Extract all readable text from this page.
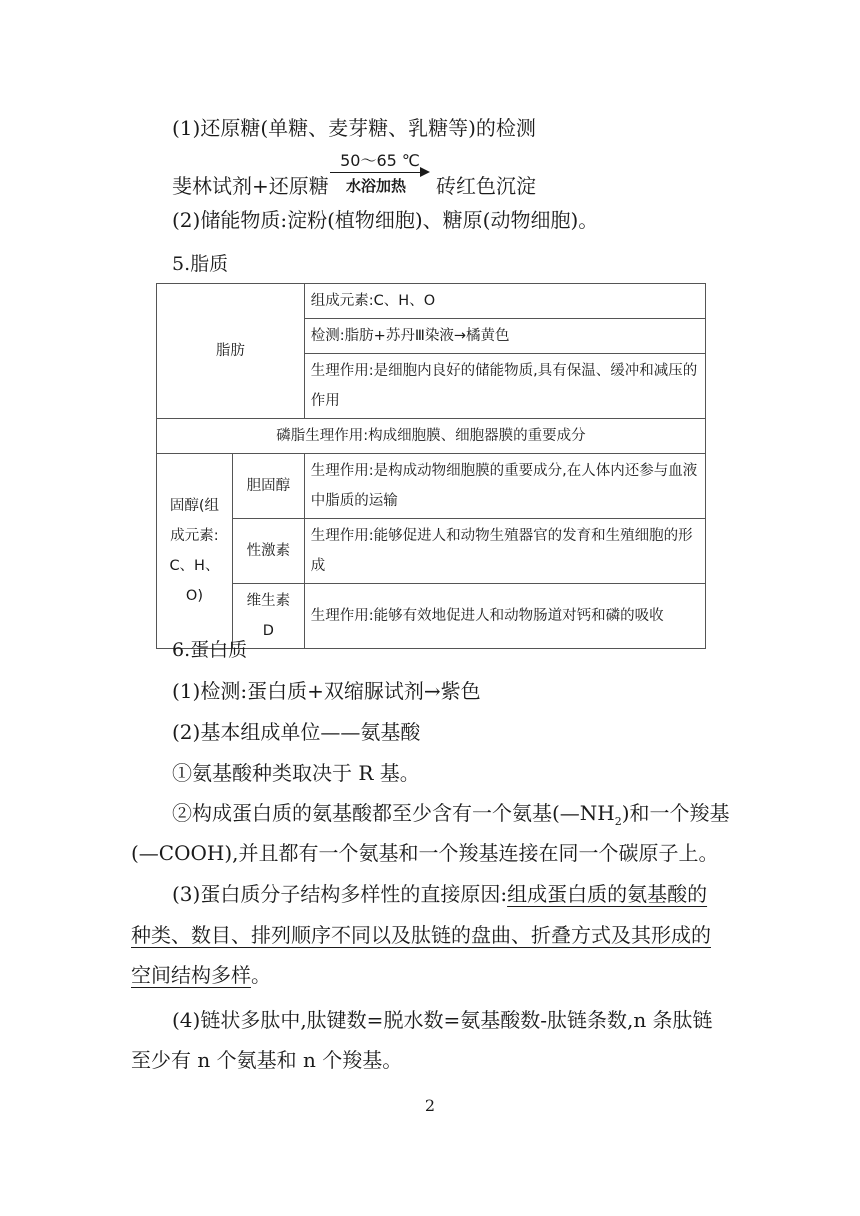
(1)还原糖(单糖、麦芽糖、乳糖等)的检测
斐林试剂+还原糖
50～65 ℃
水浴加热	砖红色沉淀
(2)储能物质:淀粉(植物细胞)、糖原(动物细胞)。
5.脂质
脂肪		组成元素:C、H、O
		检测:脂肪+苏丹Ⅲ染液→橘黄色
		生理作用:是细胞内良好的储能物质,具有保温、缓冲和减压的作用
磷脂生理作用:构成细胞膜、细胞器膜的重要成分		
固醇(组成元素:C、H、O)	胆固醇	生理作用:是构成动物细胞膜的重要成分,在人体内还参与血液中脂质的运输
	性激素	生理作用:能够促进人和动物生殖器官的发育和生殖细胞的形成
	维生素 D	生理作用:能够有效地促进人和动物肠道对钙和磷的吸收
6.蛋白质
(1)检测:蛋白质+双缩脲试剂→紫色
(2)基本组成单位——氨基酸
①氨基酸种类取决于 R 基。
②构成蛋白质的氨基酸都至少含有一个氨基$(—NH_2)$和一个羧基
(—COOH),并且都有一个氨基和一个羧基连接在同一个碳原子上。
(3)蛋白质分子结构多样性的直接原因:组成蛋白质的氨基酸的
种类、数目、排列顺序不同以及肽链的盘曲、折叠方式及其形成的
空间结构多样。
(4)链状多肽中,肽键数=脱水数=氨基酸数-肽链条数,n 条肽链
至少有 n 个氨基和 n 个羧基。
2
